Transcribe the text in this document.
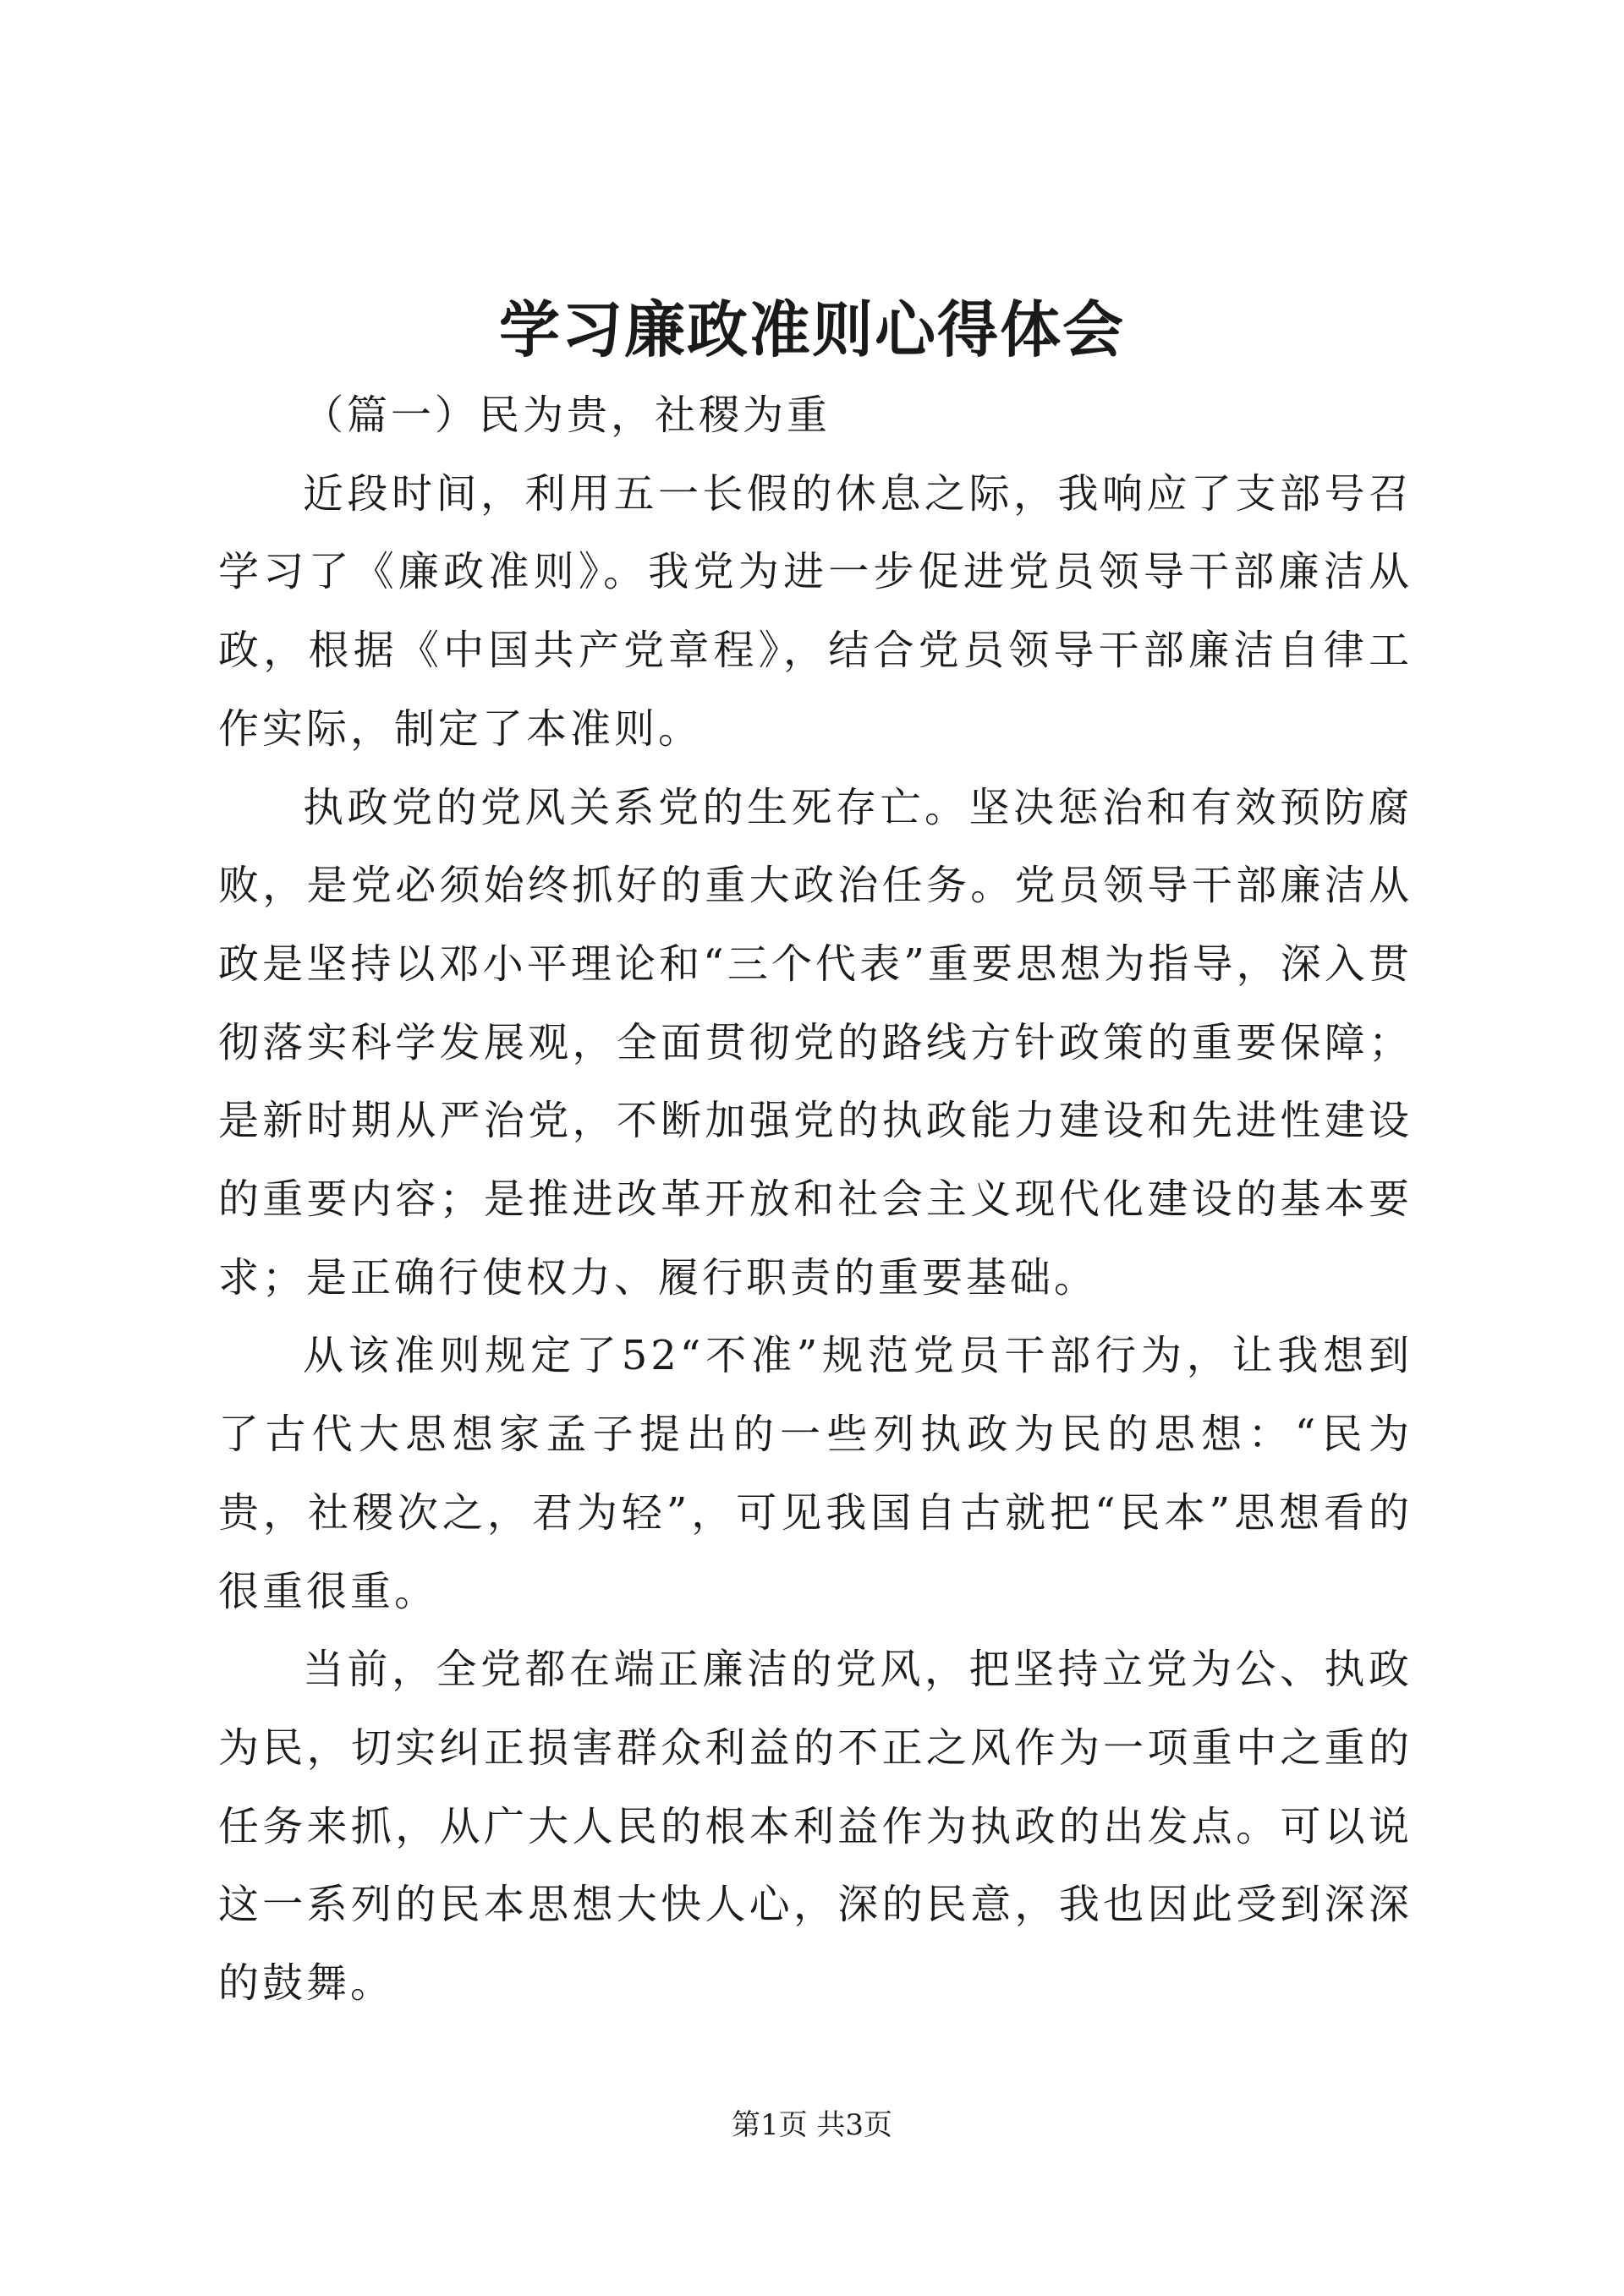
学习廉政准则心得体会

（篇一）民为贵，社稷为重

近段时间，利用五一长假的休息之际，我响应了支部号召学习了《廉政准则》。我党为进一步促进党员领导干部廉洁从政，根据《中国共产党章程》，结合党员领导干部廉洁自律工作实际，制定了本准则。

执政党的党风关系党的生死存亡。坚决惩治和有效预防腐败，是党必须始终抓好的重大政治任务。党员领导干部廉洁从政是坚持以邓小平理论和“三个代表”重要思想为指导，深入贯彻落实科学发展观，全面贯彻党的路线方针政策的重要保障；是新时期从严治党，不断加强党的执政能力建设和先进性建设的重要内容；是推进改革开放和社会主义现代化建设的基本要求；是正确行使权力、履行职责的重要基础。

从该准则规定了52“不准”规范党员干部行为，让我想到了古代大思想家孟子提出的一些列执政为民的思想：“民为贵，社稷次之，君为轻”，可见我国自古就把“民本”思想看的很重很重。

当前，全党都在端正廉洁的党风，把坚持立党为公、执政为民，切实纠正损害群众利益的不正之风作为一项重中之重的任务来抓，从广大人民的根本利益作为执政的出发点。可以说这一系列的民本思想大快人心，深的民意，我也因此受到深深的鼓舞。

第1页 共3页
